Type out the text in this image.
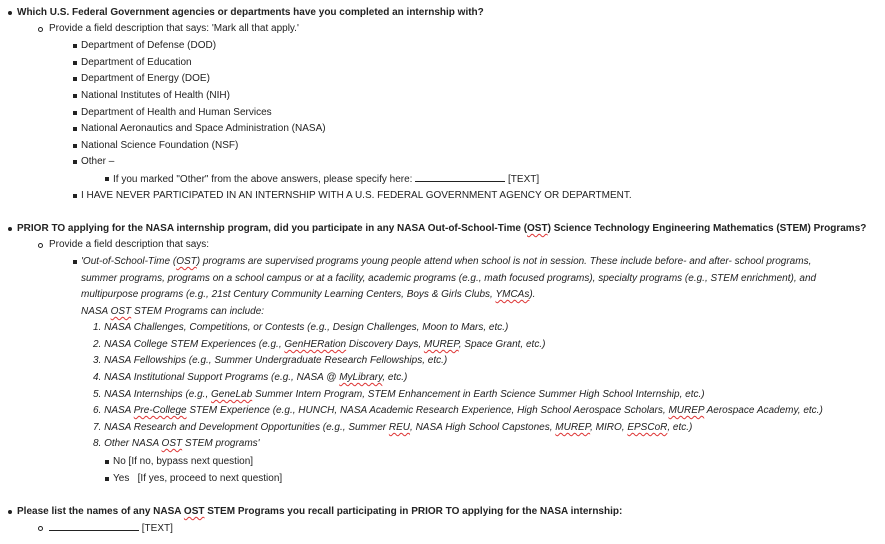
Which U.S. Federal Government agencies or departments have you completed an internship with?
Provide a field description that says: 'Mark all that apply.'
Department of Defense (DOD)
Department of Education
Department of Energy (DOE)
National Institutes of Health (NIH)
Department of Health and Human Services
National Aeronautics and Space Administration (NASA)
National Science Foundation (NSF)
Other –
If you marked "Other" from the above answers, please specify here:	[TEXT]
I HAVE NEVER PARTICIPATED IN AN INTERNSHIP WITH A U.S. FEDERAL GOVERNMENT AGENCY OR DEPARTMENT.
PRIOR TO applying for the NASA internship program, did you participate in any NASA Out-of-School-Time (OST) Science Technology Engineering Mathematics (STEM) Programs?
Provide a field description that says:
'Out-of-School-Time (OST) programs are supervised programs young people attend when school is not in session. These include before- and after- school programs,
summer programs, programs on a school campus or at a facility, academic programs (e.g., math focused programs), specialty programs (e.g., STEM enrichment), and
multipurpose programs (e.g., 21st Century Community Learning Centers, Boys & Girls Clubs, YMCAs).
NASA OST STEM Programs can include:
1. NASA Challenges, Competitions, or Contests (e.g., Design Challenges, Moon to Mars, etc.)
2. NASA College STEM Experiences (e.g., GenHERation Discovery Days, MUREP, Space Grant, etc.)
3. NASA Fellowships (e.g., Summer Undergraduate Research Fellowships, etc.)
4. NASA Institutional Support Programs (e.g., NASA @ MyLibrary, etc.)
5. NASA Internships (e.g., GeneLab Summer Intern Program, STEM Enhancement in Earth Science Summer High School Internship, etc.)
6. NASA Pre-College STEM Experience (e.g., HUNCH, NASA Academic Research Experience, High School Aerospace Scholars, MUREP Aerospace Academy, etc.)
7. NASA Research and Development Opportunities (e.g., Summer REU, NASA High School Capstones, MUREP, MIRO, EPSCoR, etc.)
8. Other NASA OST STEM programs'
No [If no, bypass next question]
Yes   [If yes, proceed to next question]
Please list the names of any NASA OST STEM Programs you recall participating in PRIOR TO applying for the NASA internship:
[TEXT]
